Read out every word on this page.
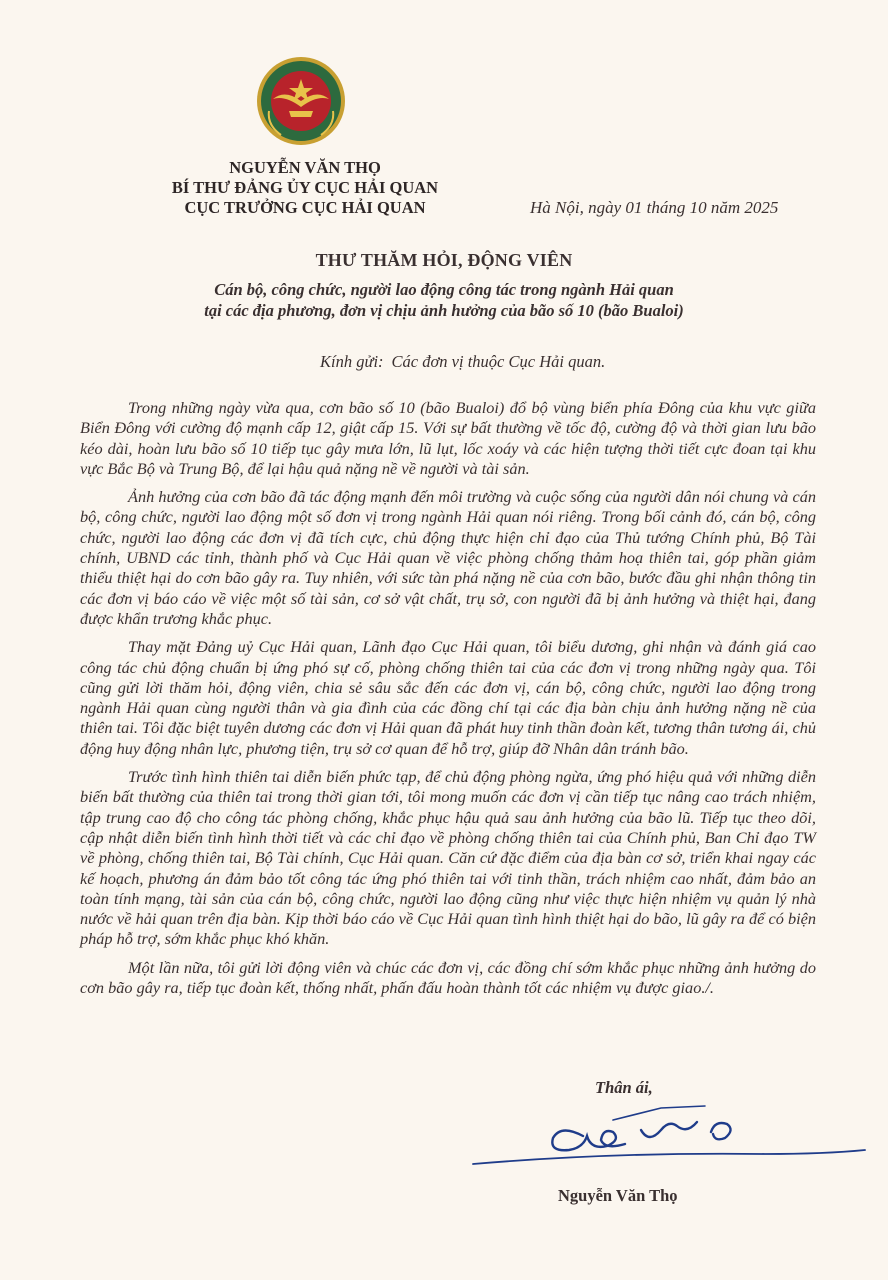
NGUYỄN VĂN THỌ
BÍ THƯ ĐẢNG ỦY CỤC HẢI QUAN
CỤC TRƯỞNG CỤC HẢI QUAN	Hà Nội, ngày 01 tháng 10 năm 2025
THƯ THĂM HỎI, ĐỘNG VIÊN
Cán bộ, công chức, người lao động công tác trong ngành Hải quan
tại các địa phương, đơn vị chịu ảnh hưởng của bão số 10 (bão Bualoi)
Kính gửi: Các đơn vị thuộc Cục Hải quan.

Trong những ngày vừa qua, cơn bão số 10 (bão Bualoi) đổ bộ vùng biển phía Đông của khu vực giữa Biển Đông với cường độ mạnh cấp 12, giật cấp 15. Với sự bất thường về tốc độ, cường độ và thời gian lưu bão kéo dài, hoàn lưu bão số 10 tiếp tục gây mưa lớn, lũ lụt, lốc xoáy và các hiện tượng thời tiết cực đoan tại khu vực Bắc Bộ và Trung Bộ, để lại hậu quả nặng nề về người và tài sản.

Ảnh hưởng của cơn bão đã tác động mạnh đến môi trường và cuộc sống của người dân nói chung và cán bộ, công chức, người lao động một số đơn vị trong ngành Hải quan nói riêng. Trong bối cảnh đó, cán bộ, công chức, người lao động các đơn vị đã tích cực, chủ động thực hiện chỉ đạo của Thủ tướng Chính phủ, Bộ Tài chính, UBND các tỉnh, thành phố và Cục Hải quan về việc phòng chống thảm hoạ thiên tai, góp phần giảm thiểu thiệt hại do cơn bão gây ra. Tuy nhiên, với sức tàn phá nặng nề của cơn bão, bước đầu ghi nhận thông tin các đơn vị báo cáo về việc một số tài sản, cơ sở vật chất, trụ sở, con người đã bị ảnh hưởng và thiệt hại, đang được khẩn trương khắc phục.

Thay mặt Đảng uỷ Cục Hải quan, Lãnh đạo Cục Hải quan, tôi biểu dương, ghi nhận và đánh giá cao công tác chủ động chuẩn bị ứng phó sự cố, phòng chống thiên tai của các đơn vị trong những ngày qua. Tôi cũng gửi lời thăm hỏi, động viên, chia sẻ sâu sắc đến các đơn vị, cán bộ, công chức, người lao động trong ngành Hải quan cùng người thân và gia đình của các đồng chí tại các địa bàn chịu ảnh hưởng nặng nề của thiên tai. Tôi đặc biệt tuyên dương các đơn vị Hải quan đã phát huy tinh thần đoàn kết, tương thân tương ái, chủ động huy động nhân lực, phương tiện, trụ sở cơ quan để hỗ trợ, giúp đỡ Nhân dân tránh bão.

Trước tình hình thiên tai diễn biến phức tạp, để chủ động phòng ngừa, ứng phó hiệu quả với những diễn biến bất thường của thiên tai trong thời gian tới, tôi mong muốn các đơn vị cần tiếp tục nâng cao trách nhiệm, tập trung cao độ cho công tác phòng chống, khắc phục hậu quả sau ảnh hưởng của bão lũ. Tiếp tục theo dõi, cập nhật diễn biến tình hình thời tiết và các chỉ đạo về phòng chống thiên tai của Chính phủ, Ban Chỉ đạo TW về phòng, chống thiên tai, Bộ Tài chính, Cục Hải quan. Căn cứ đặc điểm của địa bàn cơ sở, triển khai ngay các kế hoạch, phương án đảm bảo tốt công tác ứng phó thiên tai với tinh thần, trách nhiệm cao nhất, đảm bảo an toàn tính mạng, tài sản của cán bộ, công chức, người lao động cũng như việc thực hiện nhiệm vụ quản lý nhà nước về hải quan trên địa bàn. Kịp thời báo cáo về Cục Hải quan tình hình thiệt hại do bão, lũ gây ra để có biện pháp hỗ trợ, sớm khắc phục khó khăn.

Một lần nữa, tôi gửi lời động viên và chúc các đơn vị, các đồng chí sớm khắc phục những ảnh hưởng do cơn bão gây ra, tiếp tục đoàn kết, thống nhất, phấn đấu hoàn thành tốt các nhiệm vụ được giao./.

Thân ái,
Nguyễn Văn Thọ
